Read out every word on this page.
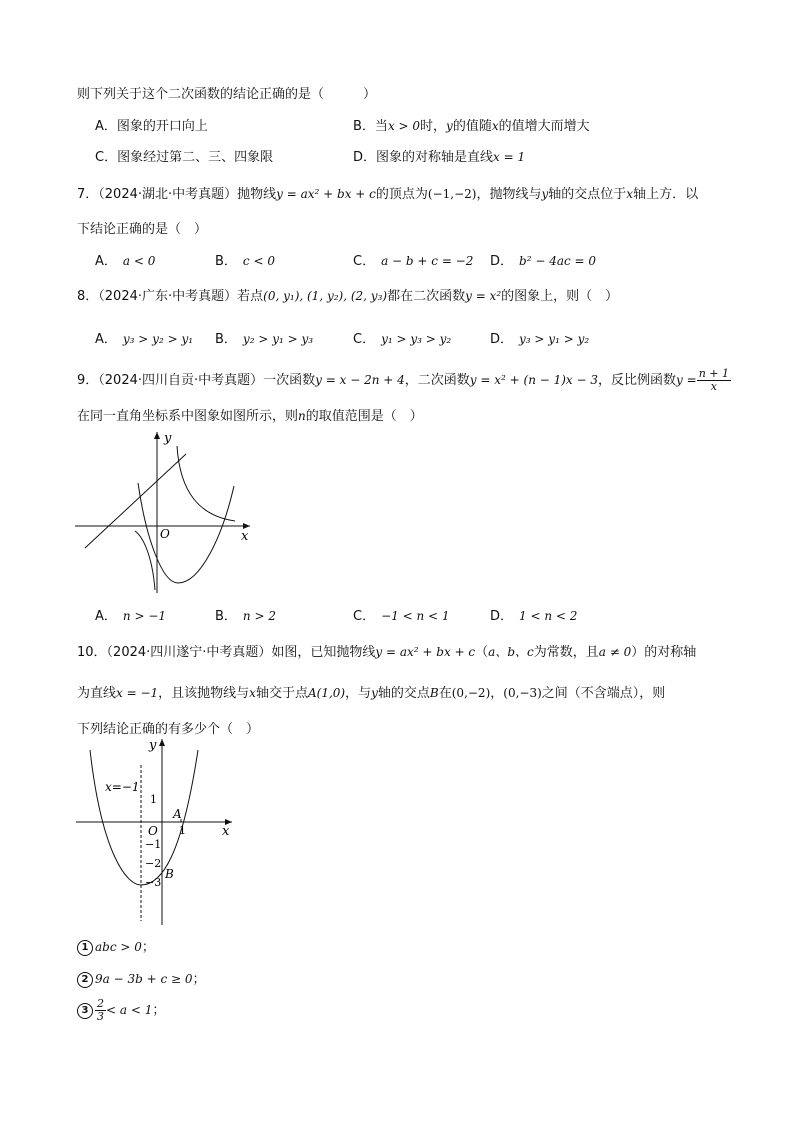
则下列关于这个二次函数的结论正确的是（　　　）
A．图象的开口向上	B．当x > 0时，y的值随x的值增大而增大
C．图象经过第二、三、四象限	D．图象的对称轴是直线x = 1
7．（2024·湖北·中考真题）抛物线y = ax² + bx + c的顶点为(−1,−2)，抛物线与y轴的交点位于x轴上方．以
下结论正确的是（　）
A． a < 0	B． c < 0	C． a − b + c = −2 D． b² − 4ac = 0
8．（2024·广东·中考真题）若点(0, y₁), (1, y₂), (2, y₃)都在二次函数y = x²的图象上，则（　）
A． y₃ > y₂ > y₁ B． y₂ > y₁ > y₃	C． y₁ > y₃ > y₂	D． y₃ > y₁ > y₂
9．（2024·四川自贡·中考真题）一次函数y = x − 2n + 4，二次函数y = x² + (n − 1)x − 3，反比例函数$y = \frac{n + 1}{x}$
在同一直角坐标系中图象如图所示，则n的取值范围是（　）
y
x
O
A． n > −1	B． n > 2	C． −1 < n < 1	D． 1 < n < 2
10．（2024·四川遂宁·中考真题）如图，已知抛物线y = ax² + bx + c（a、b、c为常数，且a ≠ 0）的对称轴
为直线x = −1，且该抛物线与x轴交于点A(1,0)，与y轴的交点B在(0,−2)，(0,−3)之间（不含端点），则
下列结论正确的有多少个（　）
y
x
O
x=−1
1
−1
−2
−3
1
A
B
1 abc > 0；
2 9a − 3b + c ≥ 0；
$3 \frac{2}{3} < a < 1$；
